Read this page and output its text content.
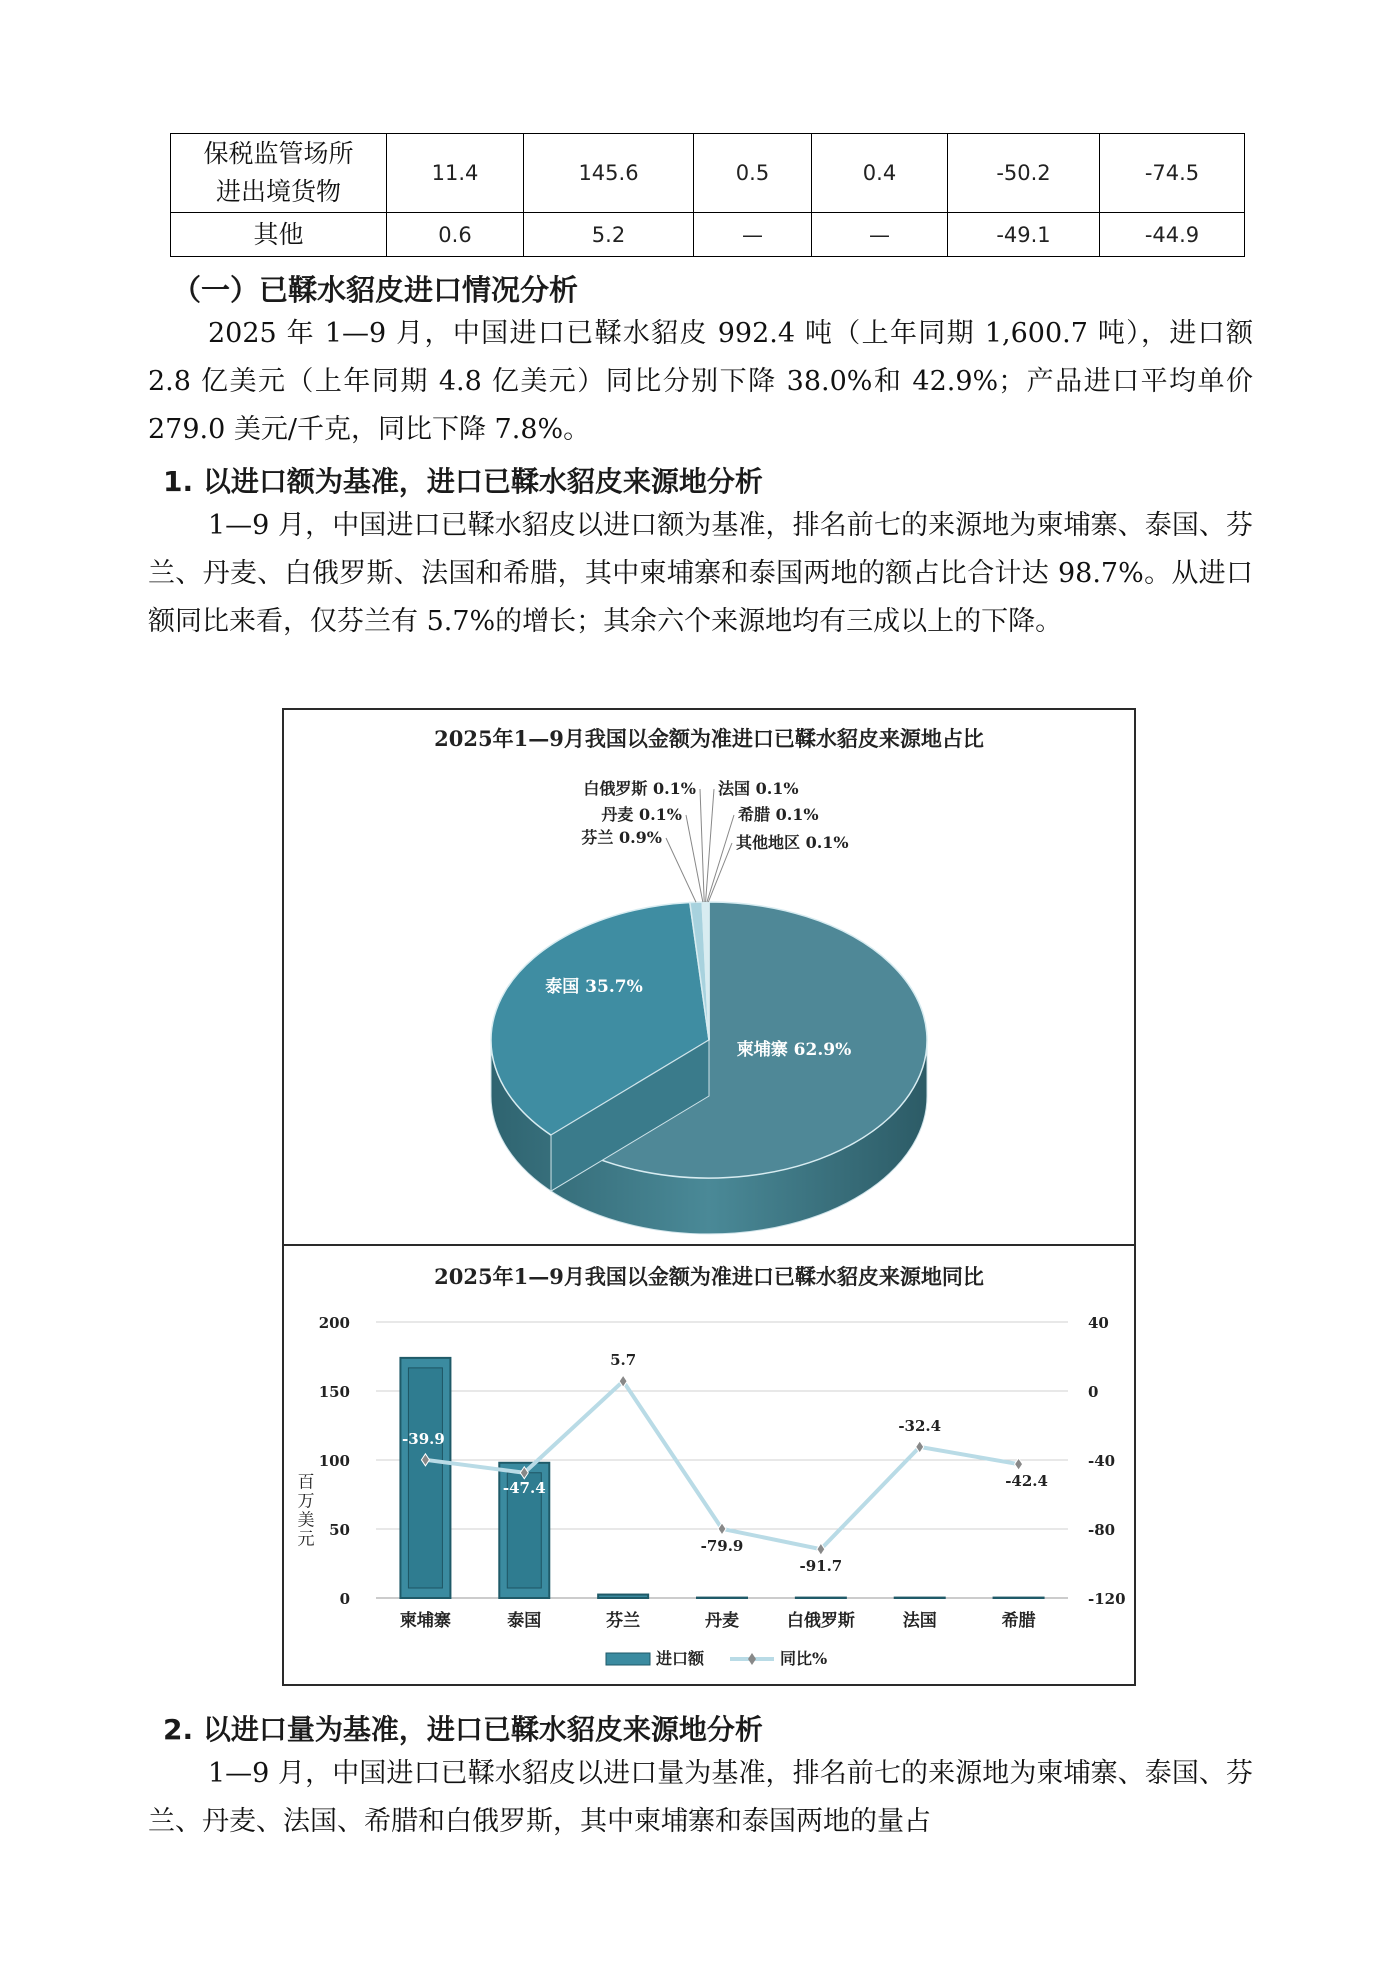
保税监管场所
进出境货物	11.4	145.6	0.5	0.4	-50.2	-74.5
其他	0.6	5.2	—	—	-49.1	-44.9
（一）已鞣水貂皮进口情况分析
2025 年 1—9 月，中国进口已鞣水貂皮 992.4 吨（上年同期 1,600.7 吨），进口额 2.8 亿美元（上年同期 4.8 亿美元）同比分别下降 38.0%和 42.9%；产品进口平均单价 279.0 美元/千克，同比下降 7.8%。
1. 以进口额为基准，进口已鞣水貂皮来源地分析
1—9 月，中国进口已鞣水貂皮以进口额为基准，排名前七的来源地为柬埔寨、泰国、芬兰、丹麦、白俄罗斯、法国和希腊，其中柬埔寨和泰国两地的额占比合计达 98.7%。从进口额同比来看，仅芬兰有 5.7%的增长；其余六个来源地均有三成以上的下降。
2025年1—9月我国以金额为准进口已鞣水貂皮来源地占比
柬埔寨 62.9%
泰国 35.7%
芬兰 0.9%
丹麦 0.1%
白俄罗斯 0.1% 法国 0.1%
希腊 0.1%
其他地区 0.1%
2025年1—9月我国以金额为准进口已鞣水貂皮来源地同比
0
50
100
150
200
-120
-80
-40
0
40
百万美元
柬埔寨	泰国	芬兰	丹麦	白俄罗斯	法国	希腊
-39.9
-47.4
5.7
-79.9
-91.7
-32.4
-42.4
进口额	同比%
2. 以进口量为基准，进口已鞣水貂皮来源地分析
1—9 月，中国进口已鞣水貂皮以进口量为基准，排名前七的来源地为柬埔寨、泰国、芬兰、丹麦、法国、希腊和白俄罗斯，其中柬埔寨和泰国两地的量占
